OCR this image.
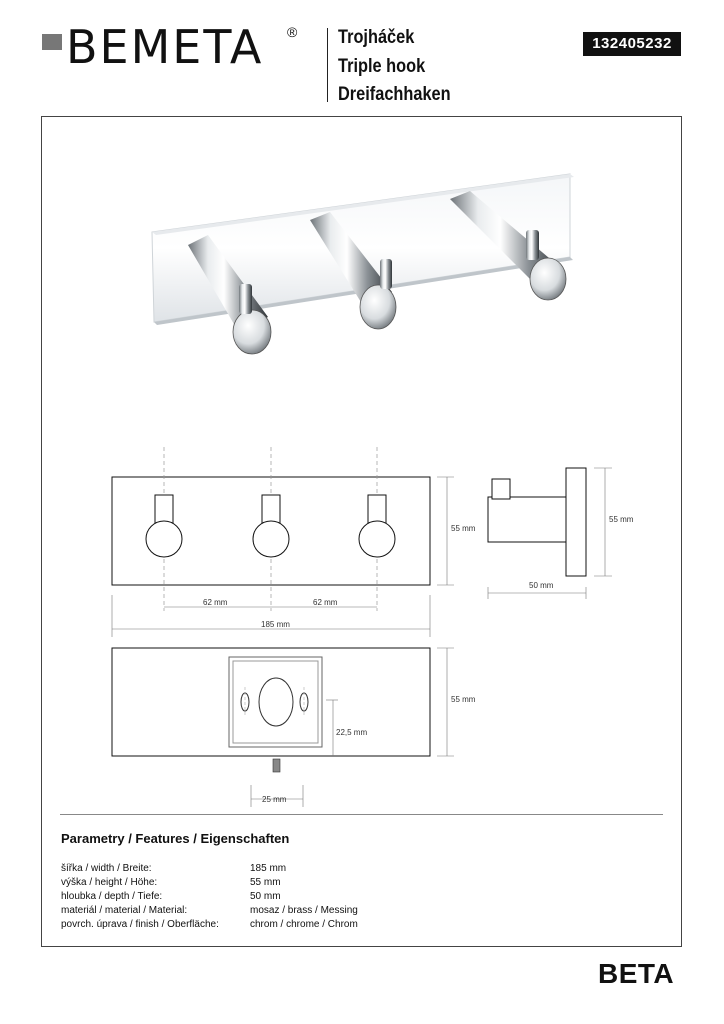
BEMETA ® Trojháček
Triple hook
Dreifachhaken
132405232
55 mm
62 mm	62 mm
185 mm
50 mm
55 mm
55 mm
22,5 mm
25 mm
Parametry / Features / Eigenschaften
šířka / width / Breite:	185 mm
výška / height / Höhe:	55 mm
hloubka / depth / Tiefe:	50 mm
materiál / material / Material:	mosaz / brass / Messing
povrch. úprava / finish / Oberfläche:	chrom / chrome / Chrom
BETA
